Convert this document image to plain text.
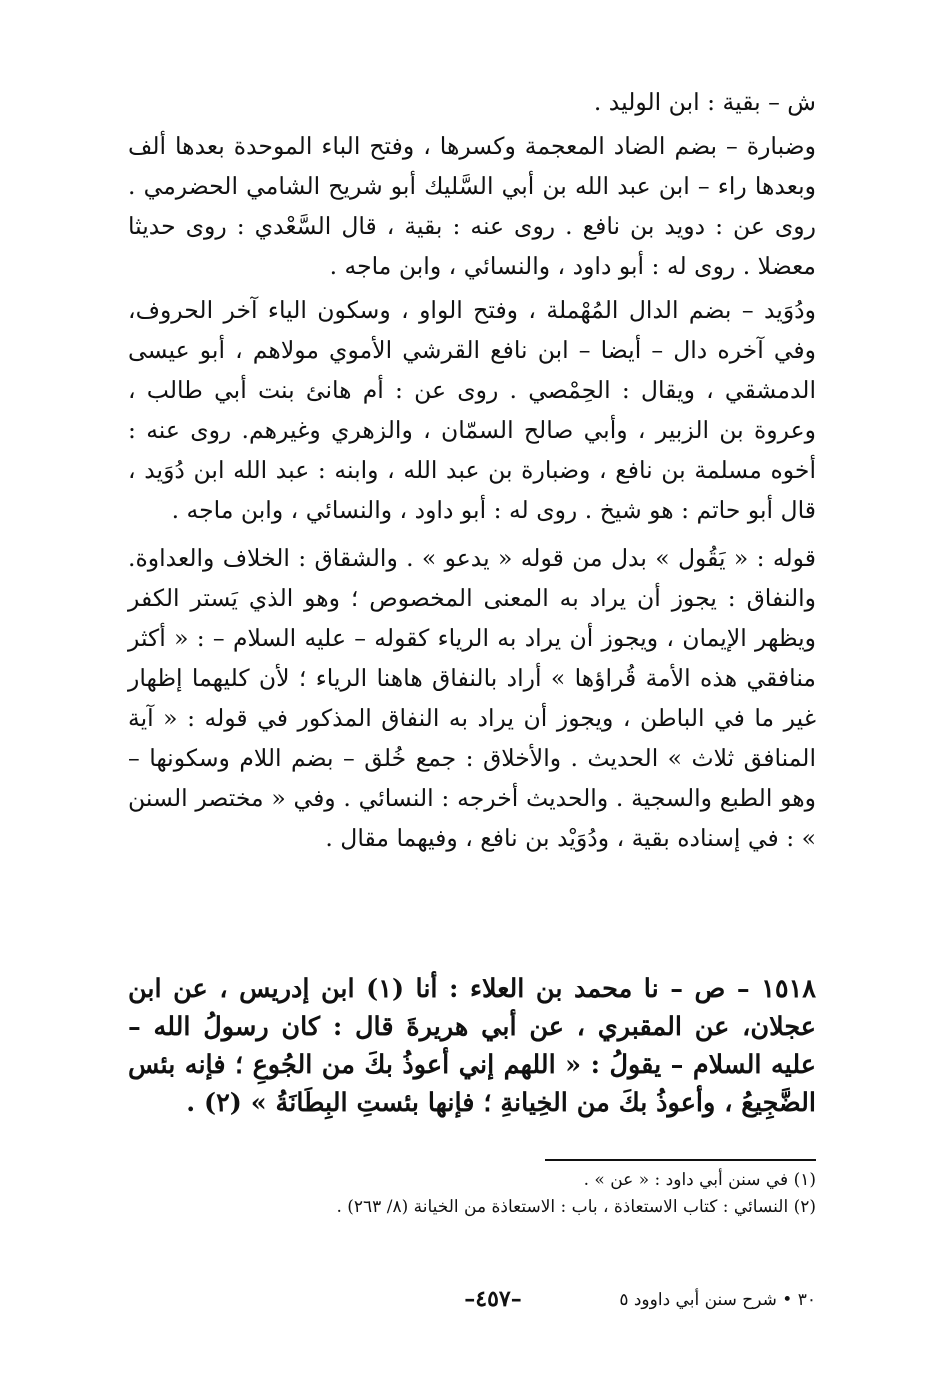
ش – بقية : ابن الوليد .

وضبارة – بضم الضاد المعجمة وكسرها ، وفتح الباء الموحدة بعدها ألف وبعدها راء – ابن عبد الله بن أبي السَّليك أبو شريح الشامي الحضرمي . روى عن : دويد بن نافع . روى عنه : بقية ، قال السَّعْدي : روى حديثا معضلا . روى له : أبو داود ، والنسائي ، وابن ماجه .

ودُوَيد – بضم الدال المُهْملة ، وفتح الواو ، وسكون الياء آخر الحروف، وفي آخره دال – أيضا – ابن نافع القرشي الأموي مولاهم ، أبو عيسى الدمشقي ، ويقال : الحِمْصي . روى عن : أم هانئ بنت أبي طالب ، وعروة بن الزبير ، وأبي صالح السمّان ، والزهري وغيرهم. روى عنه : أخوه مسلمة بن نافع ، وضبارة بن عبد الله ، وابنه : عبد الله ابن دُوَيد ، قال أبو حاتم : هو شيخ . روى له : أبو داود ، والنسائي ، وابن ماجه .

قوله : « يَقُول » بدل من قوله « يدعو » . والشقاق : الخلاف والعداوة. والنفاق : يجوز أن يراد به المعنى المخصوص ؛ وهو الذي يَستر الكفر ويظهر الإيمان ، ويجوز أن يراد به الرياء كقوله – عليه السلام – : « أكثر منافقي هذه الأمة قُراؤها » أراد بالنفاق هاهنا الرياء ؛ لأن كليهما إظهار غير ما في الباطن ، ويجوز أن يراد به النفاق المذكور في قوله : « آية المنافق ثلاث » الحديث . والأخلاق : جمع خُلق – بضم اللام وسكونها – وهو الطبع والسجية . والحديث أخرجه : النسائي . وفي « مختصر السنن » : في إسناده بقية ، ودُوَيْد بن نافع ، وفيهما مقال .

١٥١٨ – ص – نا محمد بن العلاء : أنا (١) ابن إدريس ، عن ابن عجلان، عن المقبري ، عن أبي هريرةَ قال : كان رسولُ الله – عليه السلام – يقولُ : « اللهم إني أعوذُ بكَ من الجُوعِ ؛ فإنه بئس الضَّجِيعُ ، وأعوذُ بكَ من الخِيانةِ ؛ فإنها بئستِ البِطَانَةُ » (٢) .

(١) في سنن أبي داود : « عن » .

(٢) النسائي : كتاب الاستعاذة ، باب : الاستعاذة من الخيانة (٨/ ٢٦٣) .

٣٠ • شرح سنن أبي داوود ٥
–٤٥٧–
